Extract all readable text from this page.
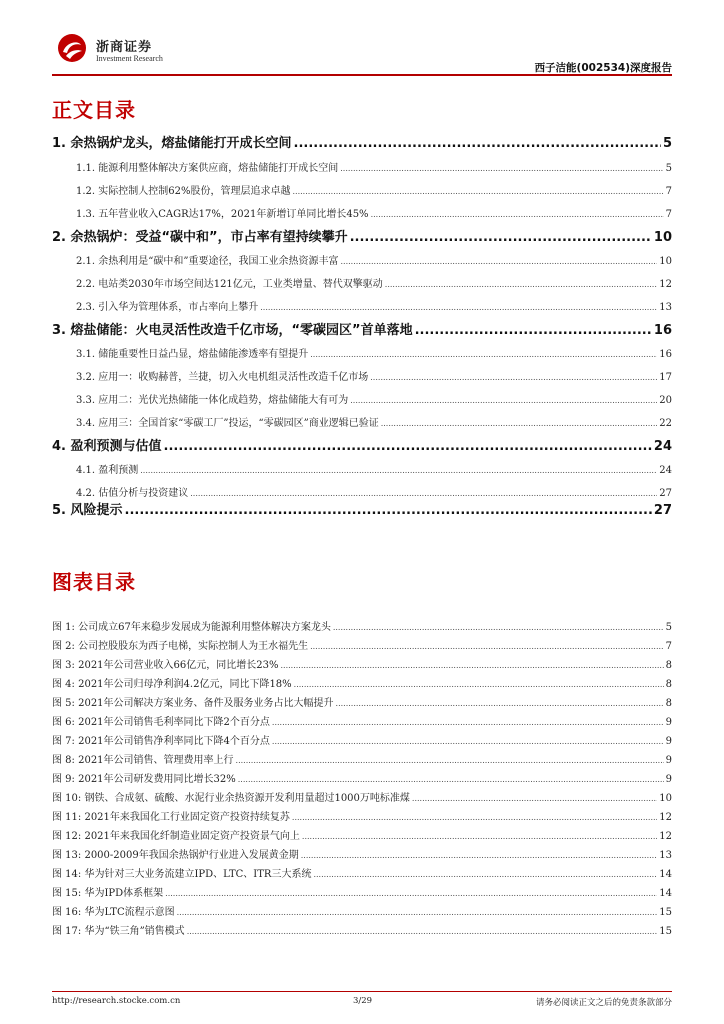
浙商证券
Investment Research
西子洁能(002534)深度报告
正文目录
1. 余热锅炉龙头，熔盐储能打开成长空间 .....	5
1.1. 能源利用整体解决方案供应商，熔盐储能打开成长空间 .....	5
1.2. 实际控制人控制62%股份，管理层追求卓越 .....	7
1.3. 五年营业收入CAGR达17%，2021年新增订单同比增长45% .....	7
2. 余热锅炉：受益“碳中和”，市占率有望持续攀升 .....	10
2.1. 余热利用是“碳中和”重要途径，我国工业余热资源丰富 .....	10
2.2. 电站类2030年市场空间达121亿元，工业类增量、替代双擎驱动 .....	12
2.3. 引入华为管理体系，市占率向上攀升 .....	13
3. 熔盐储能：火电灵活性改造千亿市场，“零碳园区”首单落地 .....	16
3.1. 储能重要性日益凸显，熔盐储能渗透率有望提升 .....	16
3.2. 应用一：收购赫普，兰捷，切入火电机组灵活性改造千亿市场 .....	17
3.3. 应用二：光伏光热储能一体化成趋势，熔盐储能大有可为 .....	20
3.4. 应用三：全国首家“零碳工厂”投运，“零碳园区”商业逻辑已验证 .....	22
4. 盈利预测与估值 .....	24
4.1. 盈利预测 .....	24
4.2. 估值分析与投资建议 .....	27
5. 风险提示 .....	27
图表目录
图 1: 公司成立67年来稳步发展成为能源利用整体解决方案龙头 .....	5
图 2: 公司控股股东为西子电梯，实际控制人为王水福先生 .....	7
图 3: 2021年公司营业收入66亿元，同比增长23% .....	8
图 4: 2021年公司归母净利润4.2亿元，同比下降18% .....	8
图 5: 2021年公司解决方案业务、备件及服务业务占比大幅提升 .....	8
图 6: 2021年公司销售毛利率同比下降2个百分点 .....	9
图 7: 2021年公司销售净利率同比下降4个百分点 .....	9
图 8: 2021年公司销售、管理费用率上行 .....	9
图 9: 2021年公司研发费用同比增长32% .....	9
图 10: 钢铁、合成氨、硫酸、水泥行业余热资源开发利用量超过1000万吨标准煤 .....	10
图 11: 2021年来我国化工行业固定资产投资持续复苏 .....	12
图 12: 2021年来我国化纤制造业固定资产投资景气向上 .....	12
图 13: 2000-2009年我国余热锅炉行业进入发展黄金期 .....	13
图 14: 华为针对三大业务流建立IPD、LTC、ITR三大系统 .....	14
图 15: 华为IPD体系框架 .....	14
图 16: 华为LTC流程示意图 .....	15
图 17: 华为“铁三角”销售模式 .....	15
http://research.stocke.com.cn	3/29	请务必阅读正文之后的免责条款部分
